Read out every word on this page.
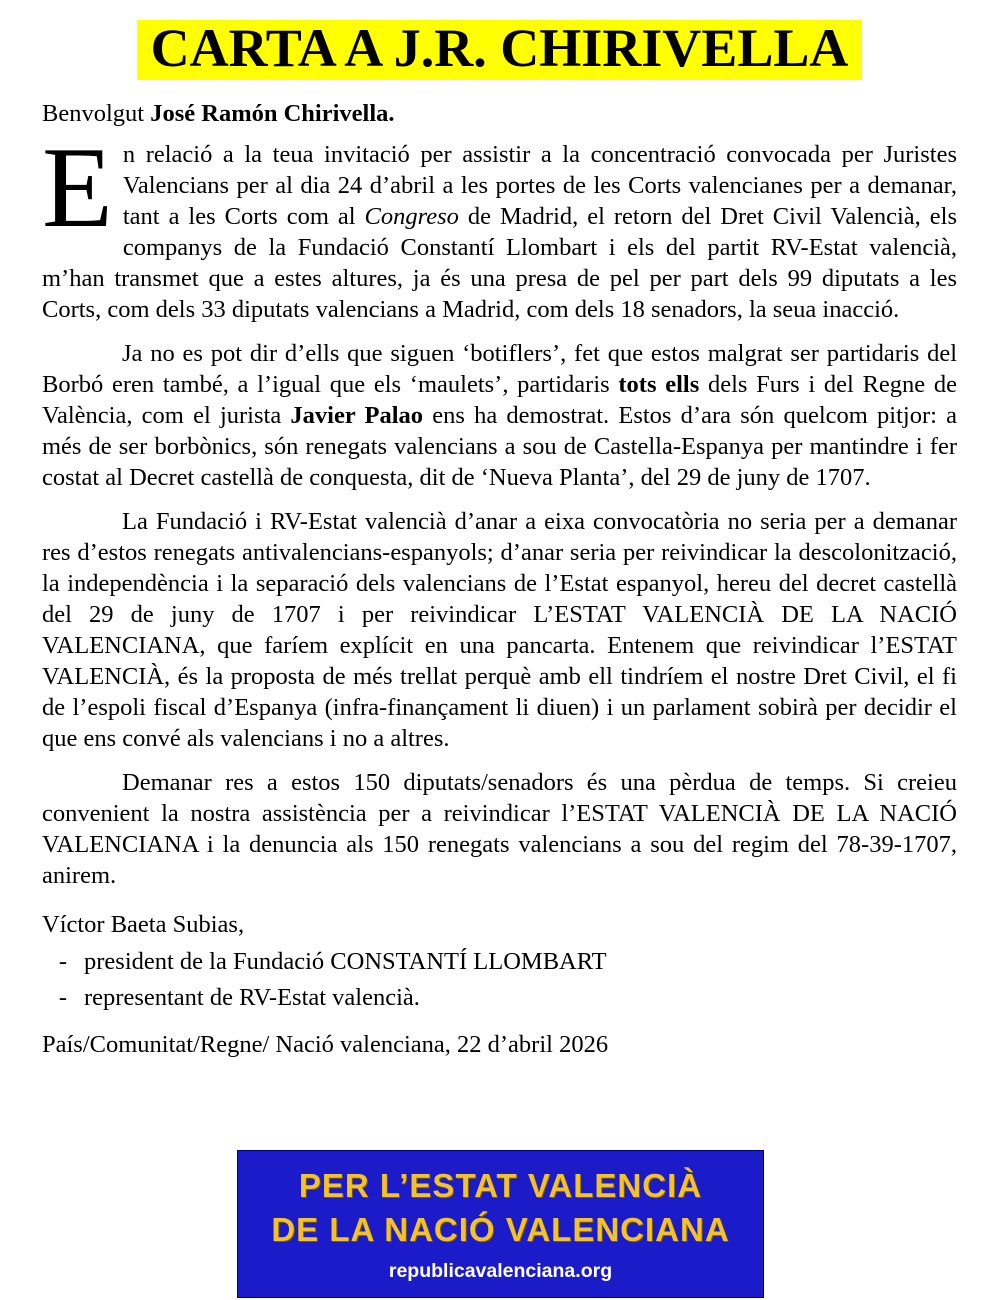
CARTA A J.R. CHIRIVELLA
Benvolgut José Ramón Chirivella.

En relació a la teua invitació per assistir a la concentració convocada per Juristes Valencians per al dia 24 d’abril a les portes de les Corts valencianes per a demanar, tant a les Corts com al Congreso de Madrid, el retorn del Dret Civil Valencià, els companys de la Fundació Constantí Llombart i els del partit RV-Estat valencià, m’han transmet que a estes altures, ja és una presa de pel per part dels 99 diputats a les Corts, com dels 33 diputats valencians a Madrid, com dels 18 senadors, la seua inacció.

Ja no es pot dir d’ells que siguen ‘botiflers’, fet que estos malgrat ser partidaris del Borbó eren també, a l’igual que els ‘maulets’, partidaris tots ells dels Furs i del Regne de València, com el jurista Javier Palao ens ha demostrat. Estos d’ara són quelcom pitjor: a més de ser borbònics, són renegats valencians a sou de Castella-Espanya per mantindre i fer costat al Decret castellà de conquesta, dit de ‘Nueva Planta’, del 29 de juny de 1707.

La Fundació i RV-Estat valencià d’anar a eixa convocatòria no seria per a demanar res d’estos renegats antivalencians-espanyols; d’anar seria per reivindicar la descolonització, la independència i la separació dels valencians de l’Estat espanyol, hereu del decret castellà del 29 de juny de 1707 i per reivindicar L’ESTAT VALENCIÀ DE LA NACIÓ VALENCIANA, que faríem explícit en una pancarta. Entenem que reivindicar l’ESTAT VALENCIÀ, és la proposta de més trellat perquè amb ell tindríem el nostre Dret Civil, el fi de l’espoli fiscal d’Espanya (infra-finançament li diuen) i un parlament sobirà per decidir el que ens convé als valencians i no a altres.

Demanar res a estos 150 diputats/senadors és una pèrdua de temps. Si creieu convenient la nostra assistència per a reivindicar l’ESTAT VALENCIÀ DE LA NACIÓ VALENCIANA i la denuncia als 150 renegats valencians a sou del regim del 78-39-1707, anirem.

Víctor Baeta Subias,
- president de la Fundació CONSTANTÍ LLOMBART
- representant de RV-Estat valencià.
País/Comunitat/Regne/ Nació valenciana, 22 d’abril 2026
PER L’ESTAT VALENCIÀ
DE LA NACIÓ VALENCIANA
republicavalenciana.org
